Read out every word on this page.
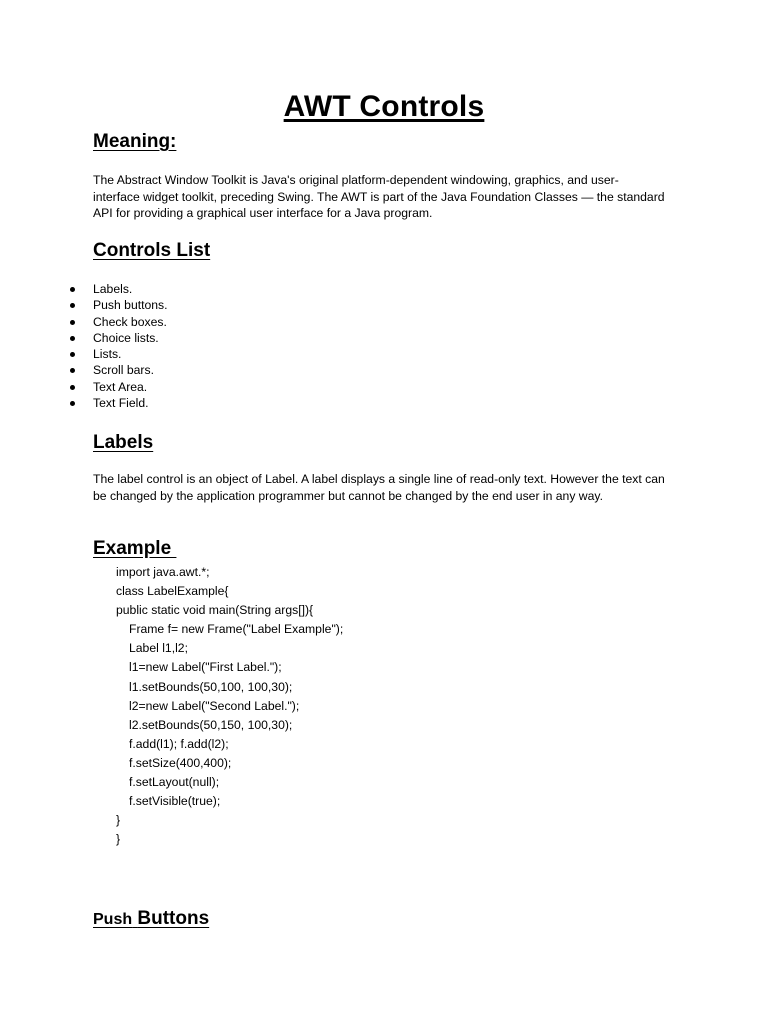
AWT Controls
Meaning:
The Abstract Window Toolkit is Java's original platform-dependent windowing, graphics, and user-interface widget toolkit, preceding Swing. The AWT is part of the Java Foundation Classes — the standard API for providing a graphical user interface for a Java program.
Controls List
Labels.
Push buttons.
Check boxes.
Choice lists.
Lists.
Scroll bars.
Text Area.
Text Field.
Labels
The label control is an object of Label. A label displays a single line of read-only text. However the text can be changed by the application programmer but cannot be changed by the end user in any way.
Example
import java.awt.*;
class LabelExample{
public static void main(String args[]){
Frame f= new Frame("Label Example");
Label l1,l2;
l1=new Label("First Label.");
l1.setBounds(50,100, 100,30);
l2=new Label("Second Label.");
l2.setBounds(50,150, 100,30);
f.add(l1); f.add(l2);
f.setSize(400,400);
f.setLayout(null);
f.setVisible(true);
}
}
Push Buttons
